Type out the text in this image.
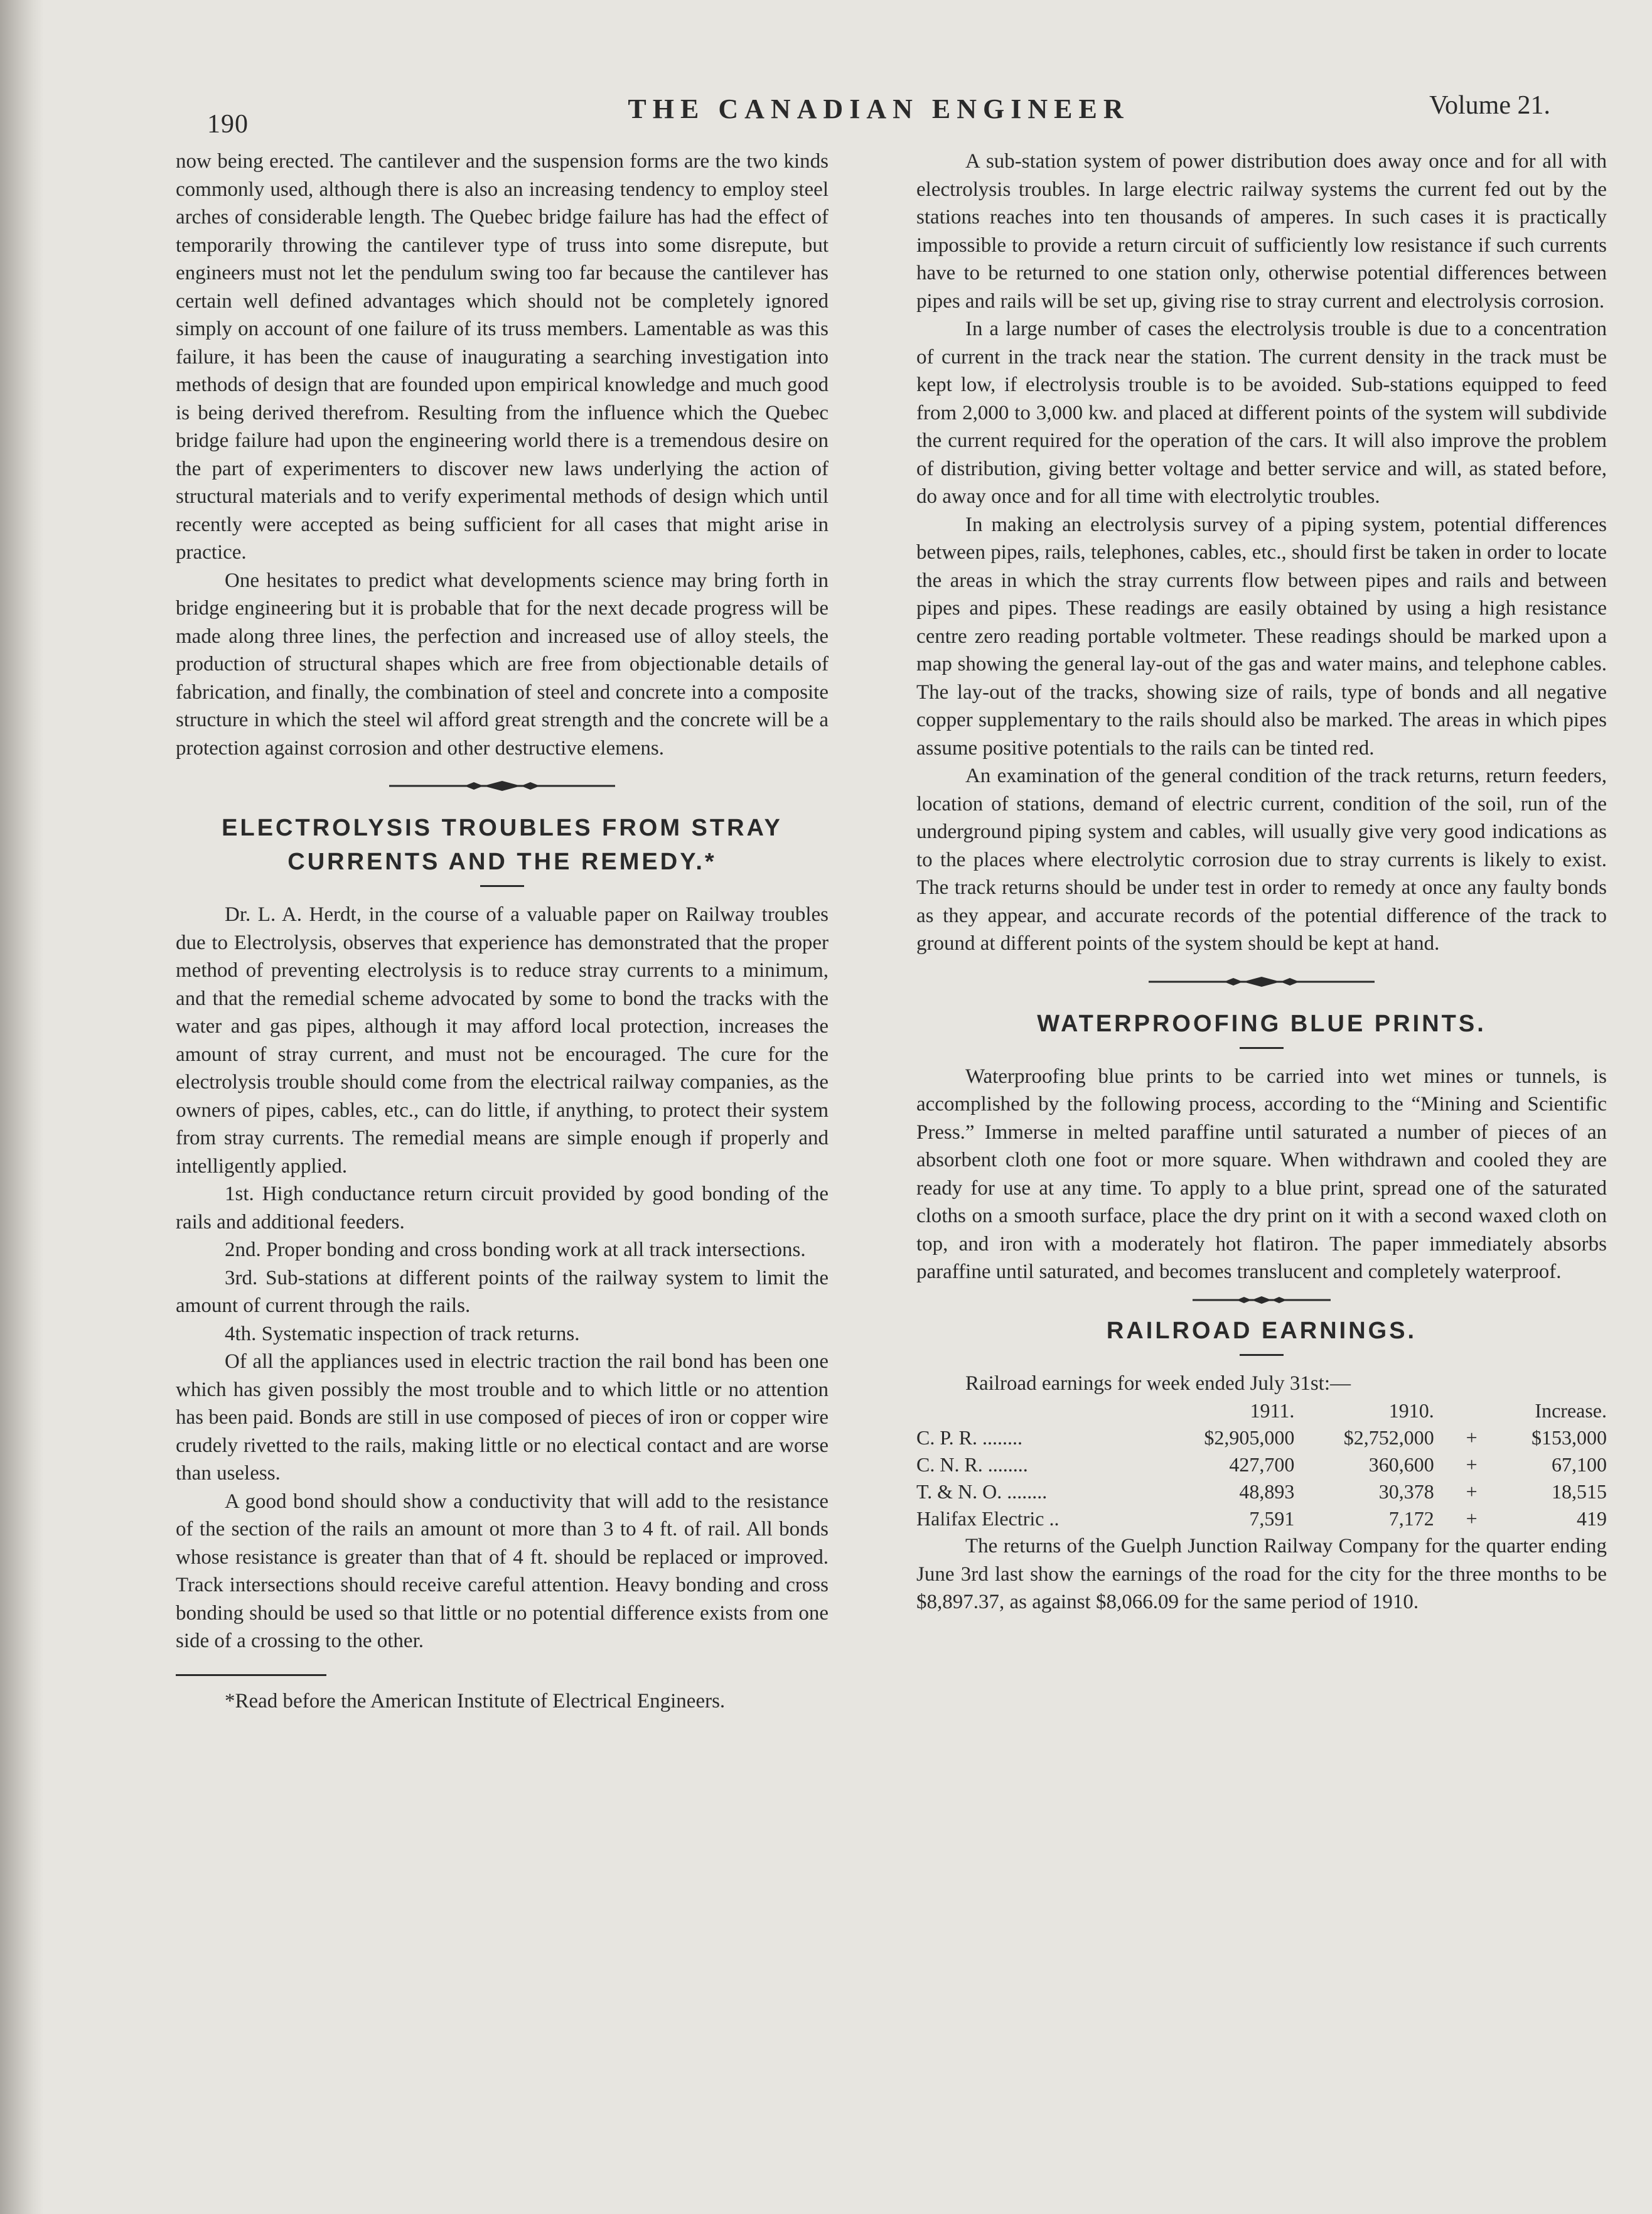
190	THE CANADIAN ENGINEER	Volume 21.

now being erected. The cantilever and the suspension forms are the two kinds commonly used, although there is also an increasing tendency to employ steel arches of considerable length. The Quebec bridge failure has had the effect of temporarily throwing the cantilever type of truss into some disrepute, but engineers must not let the pendulum swing too far because the cantilever has certain well defined advantages which should not be completely ignored simply on account of one failure of its truss members. Lamentable as was this failure, it has been the cause of inaugurating a searching investigation into methods of design that are founded upon empirical knowledge and much good is being derived therefrom. Resulting from the influence which the Quebec bridge failure had upon the engineering world there is a tremendous desire on the part of experimenters to discover new laws underlying the action of structural materials and to verify experimental methods of design which until recently were accepted as being sufficient for all cases that might arise in practice.

One hesitates to predict what developments science may bring forth in bridge engineering but it is probable that for the next decade progress will be made along three lines, the perfection and increased use of alloy steels, the production of structural shapes which are free from objectionable details of fabrication, and finally, the combination of steel and concrete into a composite structure in which the steel wil afford great strength and the concrete will be a protection against corrosion and other destructive elemens.

ELECTROLYSIS TROUBLES FROM STRAY CURRENTS AND THE REMEDY.*

Dr. L. A. Herdt, in the course of a valuable paper on Railway troubles due to Electrolysis, observes that experience has demonstrated that the proper method of preventing electrolysis is to reduce stray currents to a minimum, and that the remedial scheme advocated by some to bond the tracks with the water and gas pipes, although it may afford local protection, increases the amount of stray current, and must not be encouraged. The cure for the electrolysis trouble should come from the electrical railway companies, as the owners of pipes, cables, etc., can do little, if anything, to protect their system from stray currents. The remedial means are simple enough if properly and intelligently applied.

1st. High conductance return circuit provided by good bonding of the rails and additional feeders.

2nd. Proper bonding and cross bonding work at all track intersections.

3rd. Sub-stations at different points of the railway system to limit the amount of current through the rails.

4th. Systematic inspection of track returns.

Of all the appliances used in electric traction the rail bond has been one which has given possibly the most trouble and to which little or no attention has been paid. Bonds are still in use composed of pieces of iron or copper wire crudely rivetted to the rails, making little or no electical contact and are worse than useless.

A good bond should show a conductivity that will add to the resistance of the section of the rails an amount ot more than 3 to 4 ft. of rail. All bonds whose resistance is greater than that of 4 ft. should be replaced or improved. Track intersections should receive careful attention. Heavy bonding and cross bonding should be used so that little or no potential difference exists from one side of a crossing to the other.

*Read before the American Institute of Electrical Engineers.

A sub-station system of power distribution does away once and for all with electrolysis troubles. In large electric railway systems the current fed out by the stations reaches into ten thousands of amperes. In such cases it is practically impossible to provide a return circuit of sufficiently low resistance if such currents have to be returned to one station only, otherwise potential differences between pipes and rails will be set up, giving rise to stray current and electrolysis corrosion.

In a large number of cases the electrolysis trouble is due to a concentration of current in the track near the station. The current density in the track must be kept low, if electrolysis trouble is to be avoided. Sub-stations equipped to feed from 2,000 to 3,000 kw. and placed at different points of the system will subdivide the current required for the operation of the cars. It will also improve the problem of distribution, giving better voltage and better service and will, as stated before, do away once and for all time with electrolytic troubles.

In making an electrolysis survey of a piping system, potential differences between pipes, rails, telephones, cables, etc., should first be taken in order to locate the areas in which the stray currents flow between pipes and rails and between pipes and pipes. These readings are easily obtained by using a high resistance centre zero reading portable voltmeter. These readings should be marked upon a map showing the general lay-out of the gas and water mains, and telephone cables. The lay-out of the tracks, showing size of rails, type of bonds and all negative copper supplementary to the rails should also be marked. The areas in which pipes assume positive potentials to the rails can be tinted red.

An examination of the general condition of the track returns, return feeders, location of stations, demand of electric current, condition of the soil, run of the underground piping system and cables, will usually give very good indications as to the places where electrolytic corrosion due to stray currents is likely to exist. The track returns should be under test in order to remedy at once any faulty bonds as they appear, and accurate records of the potential difference of the track to ground at different points of the system should be kept at hand.

WATERPROOFING BLUE PRINTS.

Waterproofing blue prints to be carried into wet mines or tunnels, is accomplished by the following process, according to the “Mining and Scientific Press.” Immerse in melted paraffine until saturated a number of pieces of an absorbent cloth one foot or more square. When withdrawn and cooled they are ready for use at any time. To apply to a blue print, spread one of the saturated cloths on a smooth surface, place the dry print on it with a second waxed cloth on top, and iron with a moderately hot flatiron. The paper immediately absorbs paraffine until saturated, and becomes translucent and completely waterproof.

RAILROAD EARNINGS.

Railroad earnings for week ended July 31st:—

	1911.	1910.		Increase.
C. P. R. ........	$2,905,000	$2,752,000	+	$153,000
C. N. R. ........	427,700	360,600	+	67,100
T. & N. O. ........	48,893	30,378	+	18,515
Halifax Electric ..	7,591	7,172	+	419

The returns of the Guelph Junction Railway Company for the quarter ending June 3rd last show the earnings of the road for the city for the three months to be $8,897.37, as against $8,066.09 for the same period of 1910.
